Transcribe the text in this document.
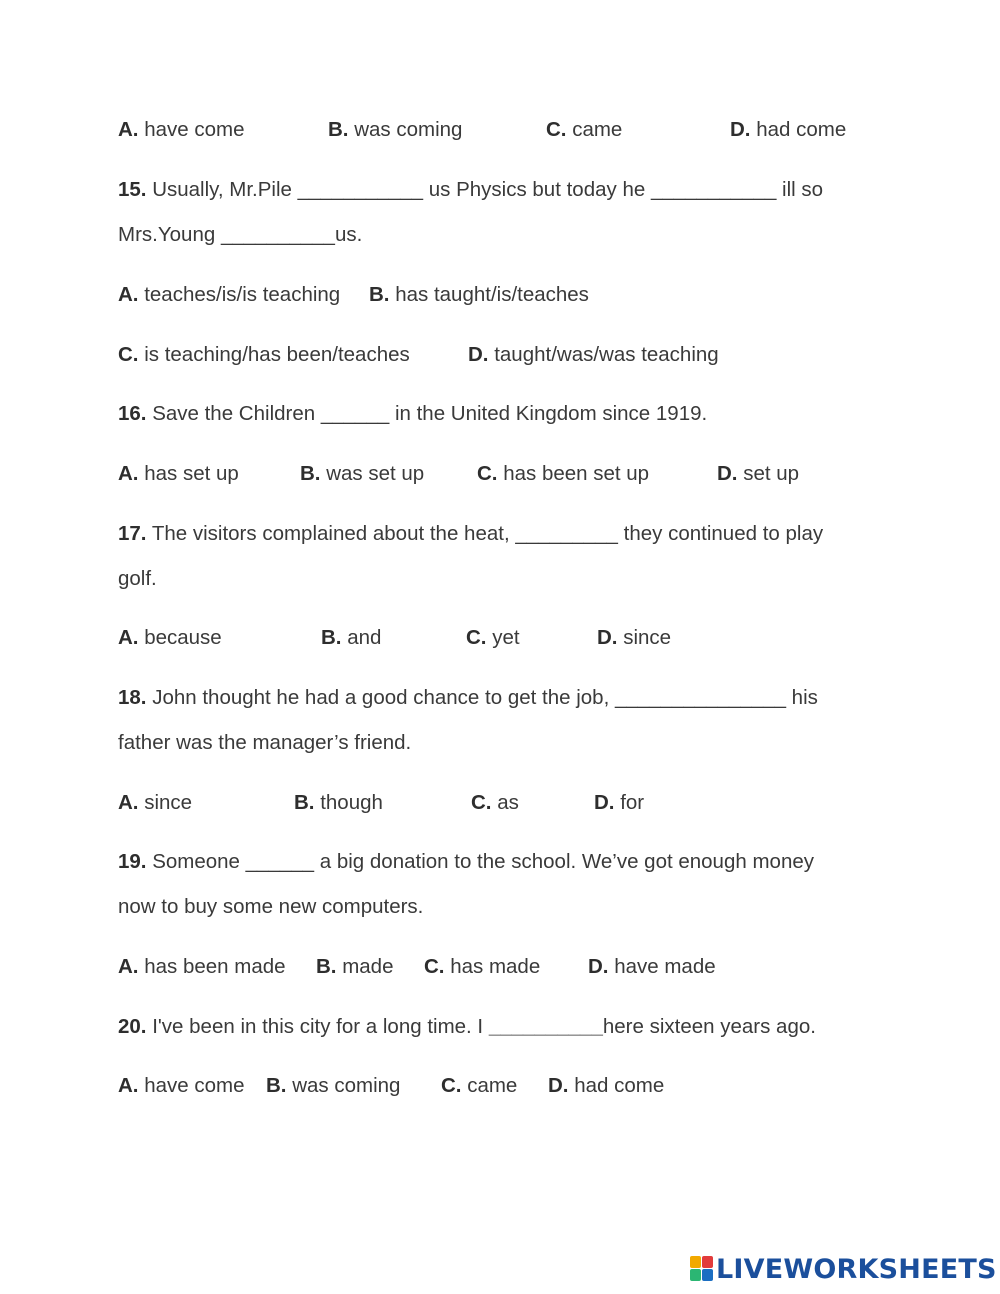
A. have come	B. was coming	C. came	D. had come
15. Usually, Mr.Pile ___________ us Physics but today he ___________ ill so
Mrs.Young __________us.
A. teaches/is/is teaching B. has taught/is/teaches
C. is teaching/has been/teaches	D. taught/was/was teaching
16. Save the Children ______ in the United Kingdom since 1919.
A. has set up	B. was set up	C. has been set up	D. set up
17. The visitors complained about the heat, _________ they continued to play
golf.
A. because	B. and	C. yet	D. since
18. John thought he had a good chance to get the job, _______________ his
father was the manager’s friend.
A. since	B. though	C. as	D. for
19. Someone ______ a big donation to the school. We’ve got enough money
now to buy some new computers.
A. has been made B. made C. has made D. have made
20. I've been in this city for a long time. I __________here sixteen years ago.
A. have come B. was coming C. came D. had come
LIVEWORKSHEETS
